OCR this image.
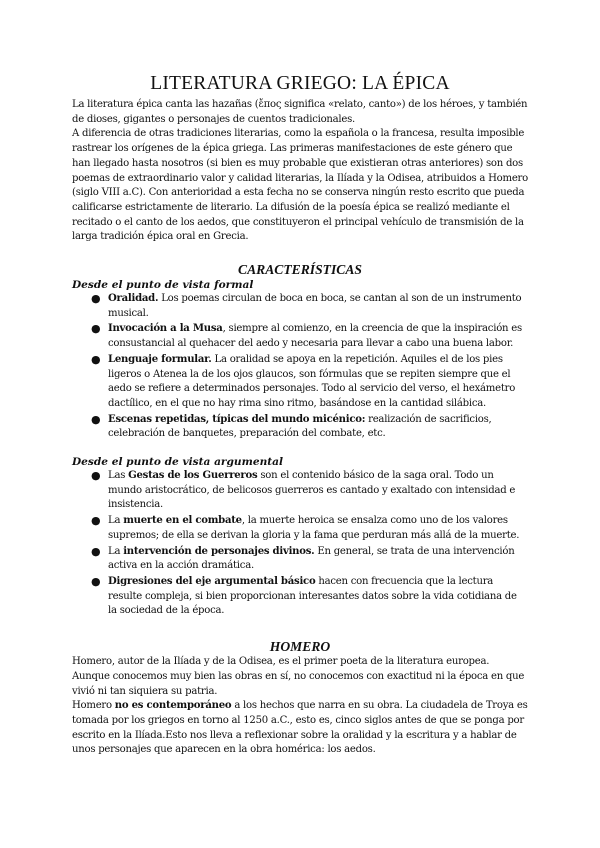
LITERATURA GRIEGO: LA ÉPICA

La literatura épica canta las hazañas (ἔπος significa «relato, canto») de los héroes, y también de dioses, gigantes o personajes de cuentos tradicionales.

A diferencia de otras tradiciones literarias, como la española o la francesa, resulta imposible rastrear los orígenes de la épica griega. Las primeras manifestaciones de este género que han llegado hasta nosotros (si bien es muy probable que existieran otras anteriores) son dos poemas de extraordinario valor y calidad literarias, la Ilíada y la Odisea, atribuidos a Homero (siglo VIII a.C). Con anterioridad a esta fecha no se conserva ningún resto escrito que pueda calificarse estrictamente de literario. La difusión de la poesía épica se realizó mediante el recitado o el canto de los aedos, que constituyeron el principal vehículo de transmisión de la larga tradición épica oral en Grecia.

CARACTERÍSTICAS
Desde el punto de vista formal
● Oralidad. Los poemas circulan de boca en boca, se cantan al son de un instrumento musical.
● Invocación a la Musa, siempre al comienzo, en la creencia de que la inspiración es consustancial al quehacer del aedo y necesaria para llevar a cabo una buena labor.
● Lenguaje formular. La oralidad se apoya en la repetición. Aquiles el de los pies ligeros o Atenea la de los ojos glaucos, son fórmulas que se repiten siempre que el aedo se refiere a determinados personajes. Todo al servicio del verso, el hexámetro dactílico, en el que no hay rima sino ritmo, basándose en la cantidad silábica.
● Escenas repetidas, típicas del mundo micénico: realización de sacrificios, celebración de banquetes, preparación del combate, etc.
Desde el punto de vista argumental
● Las Gestas de los Guerreros son el contenido básico de la saga oral. Todo un mundo aristocrático, de belicosos guerreros es cantado y exaltado con intensidad e insistencia.
● La muerte en el combate, la muerte heroica se ensalza como uno de los valores supremos; de ella se derivan la gloria y la fama que perduran más allá de la muerte.
● La intervención de personajes divinos. En general, se trata de una intervención activa en la acción dramática.
● Digresiones del eje argumental básico hacen con frecuencia que la lectura resulte compleja, si bien proporcionan interesantes datos sobre la vida cotidiana de la sociedad de la época.
HOMERO

Homero, autor de la Ilíada y de la Odisea, es el primer poeta de la literatura europea.

Aunque conocemos muy bien las obras en sí, no conocemos con exactitud ni la época en que vivió ni tan siquiera su patria.

Homero no es contemporáneo a los hechos que narra en su obra. La ciudadela de Troya es tomada por los griegos en torno al 1250 a.C., esto es, cinco siglos antes de que se ponga por escrito en la Ilíada.Esto nos lleva a reflexionar sobre la oralidad y la escritura y a hablar de unos personajes que aparecen en la obra homérica: los aedos.
